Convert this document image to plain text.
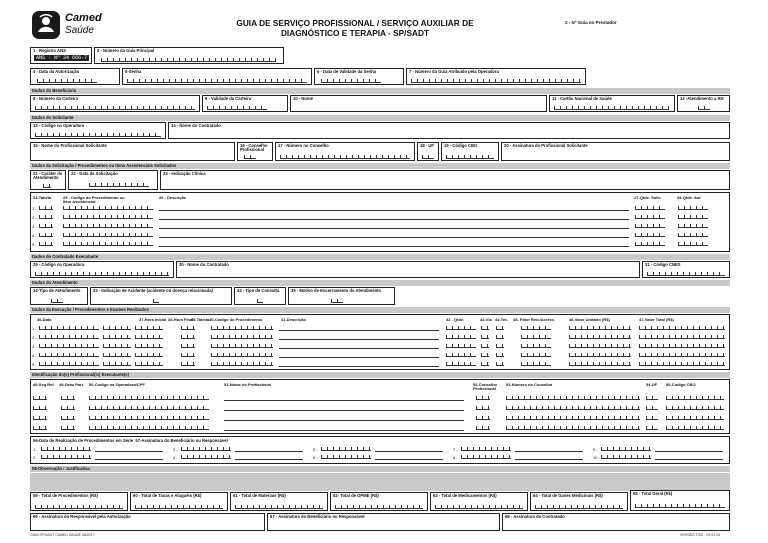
Camed
Saúde
GUIA DE SERVIÇO PROFISSIONAL / SERVIÇO AUXILIAR DE
DIAGNÓSTICO E TERAPIA - SP/SADT
2 - Nº Guia no Prestador
1 - Registro ANS
ANS - Nº 34 666-7
3 - Número da Guia Principal
4 - Data da Autorização	5-Senha	6 - Data de Validade da Senha	7 - Número da Guia Atribuído pela Operadora
Dados do Beneficiário
8 - Número da Carteira	9 - Validade da Carteira	10 - Nome	11 - Cartão Nacional de Saúde	12 -Atendimento a RN
Dados do Solicitante
13 - Código na Operadora	14 - Nome do Contratado
15 - Nome do Profissional Solicitante	16 - Conselho Profissional
17 - Número no Conselho	18 - UF 19 - Código CBO	20 - Assinatura do Profissional Solicitante
Dados da Solicitação / Procedimentos ou Itens Assistenciais Solicitados
21 - Caráter do Atendimento
22 - Data da Solicitação	23 - Indicação Clínica
24-Tabela	25 - Código do Procedimento ou Item Assistencial
26 - Descrição	27-Qtde. Solic	28-Qtde. Aut
1 -
2 -
3 -
4 -
5 -
Dados do Contratado Executante
29 - Código na Operadora	30 - Nome do Contratado	31 - Código CNES
Dados do Atendimento
32-Tipo de Atendimento	33 - Indicação de Acidente (acidente ou doença relacionada)	34 - Tipo de Consulta	35 - Motivo de Encerramento do Atendimento
Dados da Execução / Procedimentos e Exames Realizados
36-Data	37-Hora Inicial 38-Hora Final
39-Tabela 40-Código do Procedimento	41-Descrição	42 - Qtde.	43-Via 44-Tec. 45- Fator Red./Acresc.	46-Valor Unitário (R$)	47-Valor Total (R$)
1 -
2 -
3 -
4 -
5 -
Identificação do(s) Profissional(is) Executante(s)
48-Seq.Ref 49-Grau Part. 50-Código na Operadora/CPF	51-Nome do Profissional	52-Conselho Profissional
53-Número no Conselho	54-UF 55-Código CBO
56-Data de Realização de Procedimentos em Série 57-Assinatura do Beneficiário ou Responsável
1 -
2 -
3 -
4 -
5 -
6 -
7 -
8 -
9 -
10 -
58-Observação / Justificativa
59 - Total de Procedimentos (R$)	60 - Total de Taxas e Aluguéis (R$)	61 - Total de Materiais (R$)	62- Total de OPME (R$)	63 - Total de Medicamentos (R$)	64 - Total de Gases Medicinais (R$)	65 - Total Geral (R$)
66 - Assinatura do Responsável pela Autorização	67 - Assinatura do Beneficiário ou Responsável	68 - Assinatura do Contratado
GUIA SP/SADT CAMED SAUDE 08/2017	VERSÃO TISS - 03.03.03
